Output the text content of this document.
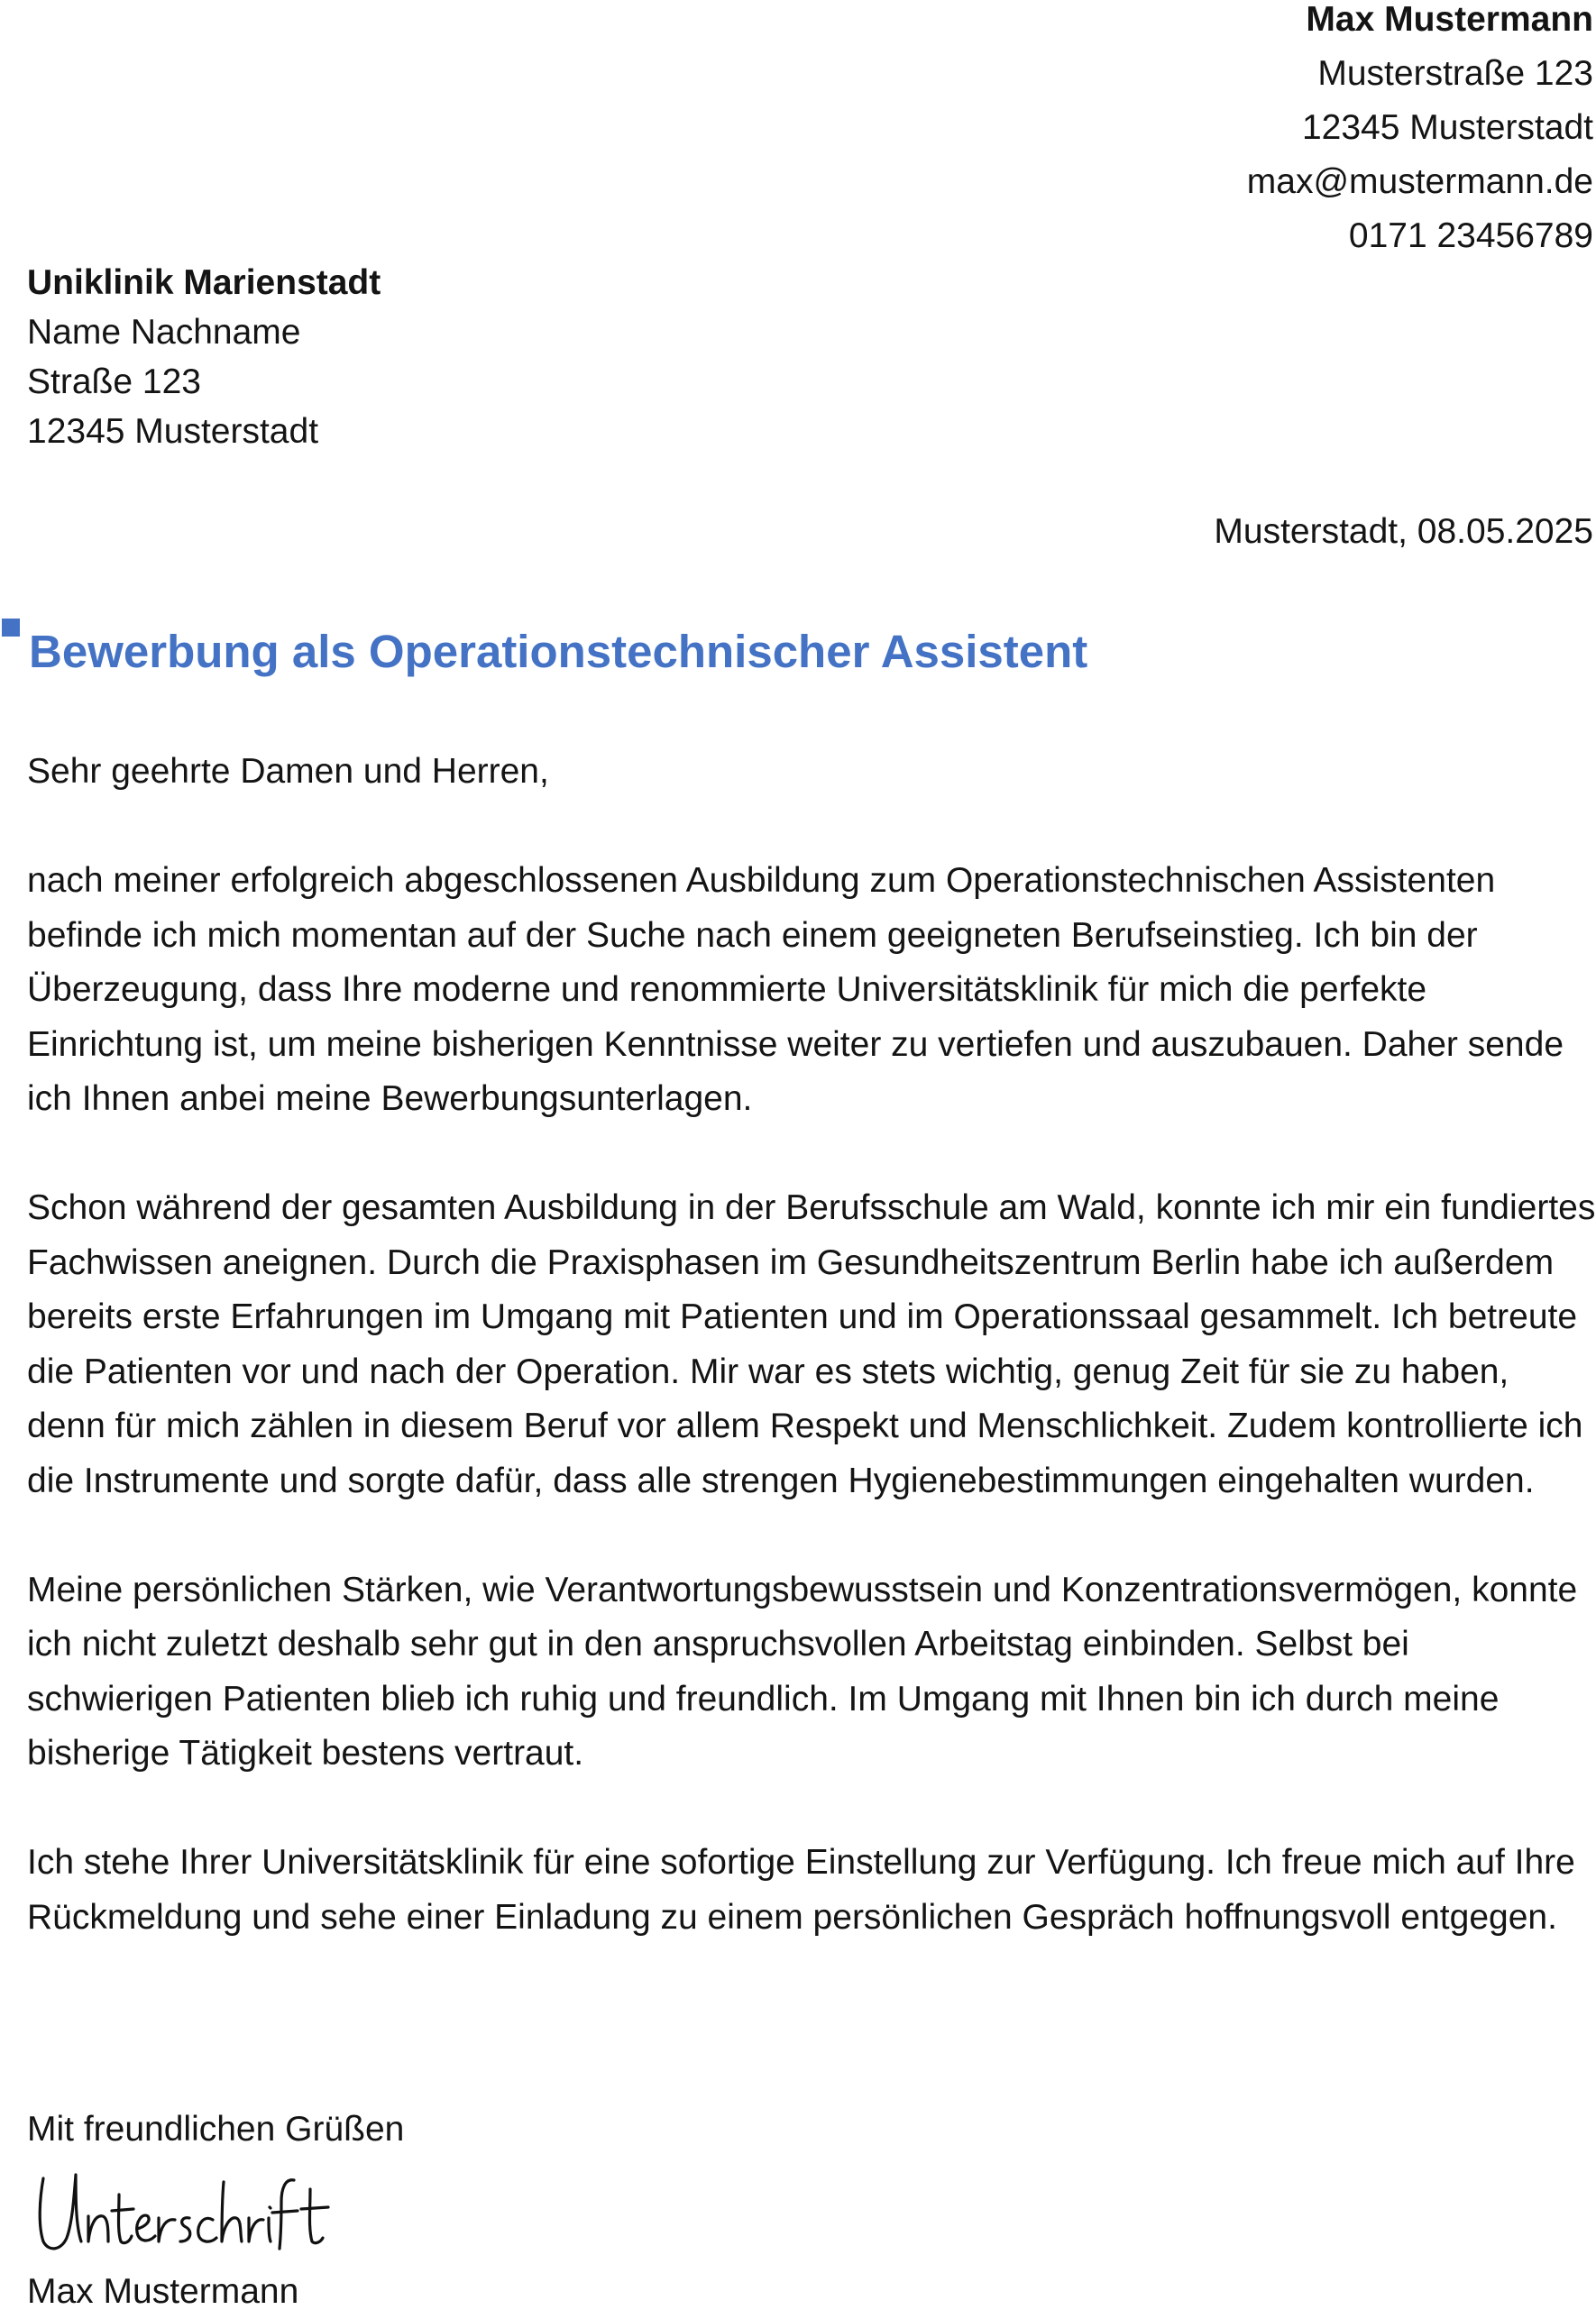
Max Mustermann
Musterstraße 123
12345 Musterstadt
max@mustermann.de
0171 23456789
Uniklinik Marienstadt
Name Nachname
Straße 123
12345 Musterstadt
Musterstadt, 08.05.2025
Bewerbung als Operationstechnischer Assistent

Sehr geehrte Damen und Herren,

nach meiner erfolgreich abgeschlossenen Ausbildung zum Operationstechnischen Assistenten befinde ich mich momentan auf der Suche nach einem geeigneten Berufseinstieg. Ich bin der Überzeugung, dass Ihre moderne und renommierte Universitätsklinik für mich die perfekte Einrichtung ist, um meine bisherigen Kenntnisse weiter zu vertiefen und auszubauen. Daher sende ich Ihnen anbei meine Bewerbungsunterlagen.

Schon während der gesamten Ausbildung in der Berufsschule am Wald, konnte ich mir ein fundiertes Fachwissen aneignen. Durch die Praxisphasen im Gesundheitszentrum Berlin habe ich außerdem bereits erste Erfahrungen im Umgang mit Patienten und im Operationssaal gesammelt. Ich betreute die Patienten vor und nach der Operation. Mir war es stets wichtig, genug Zeit für sie zu haben, denn für mich zählen in diesem Beruf vor allem Respekt und Menschlichkeit. Zudem kontrollierte ich die Instrumente und sorgte dafür, dass alle strengen Hygienebestimmungen eingehalten wurden.

Meine persönlichen Stärken, wie Verantwortungsbewusstsein und Konzentrationsvermögen, konnte ich nicht zuletzt deshalb sehr gut in den anspruchsvollen Arbeitstag einbinden. Selbst bei schwierigen Patienten blieb ich ruhig und freundlich. Im Umgang mit Ihnen bin ich durch meine bisherige Tätigkeit bestens vertraut.

Ich stehe Ihrer Universitätsklinik für eine sofortige Einstellung zur Verfügung. Ich freue mich auf Ihre Rückmeldung und sehe einer Einladung zu einem persönlichen Gespräch hoffnungsvoll entgegen.

Mit freundlichen Grüßen
Max Mustermann
